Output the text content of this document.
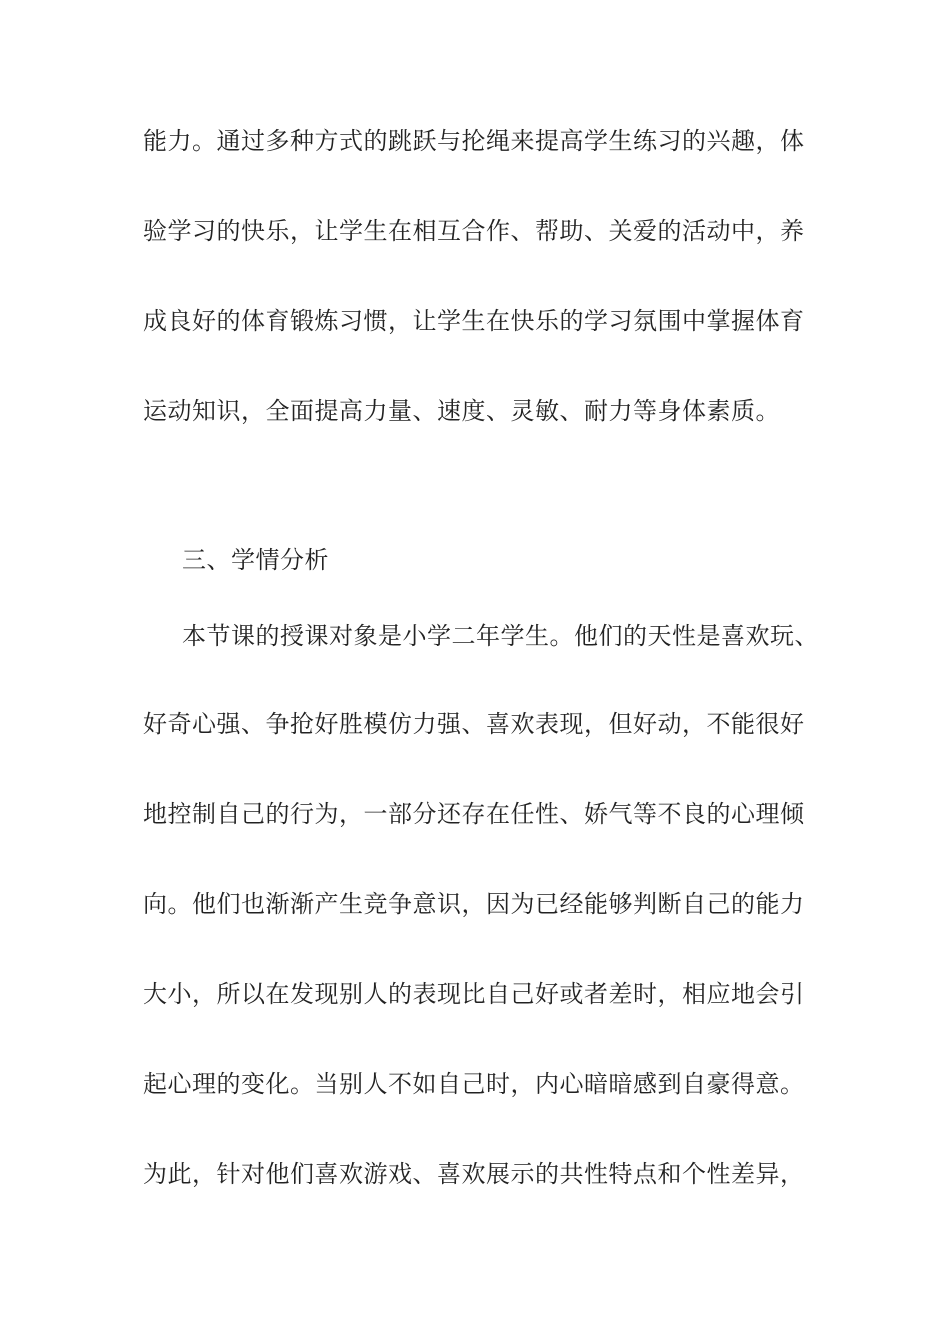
能力。通过多种方式的跳跃与抡绳来提高学生练习的兴趣，体
验学习的快乐，让学生在相互合作、帮助、关爱的活动中，养
成良好的体育锻炼习惯，让学生在快乐的学习氛围中掌握体育
运动知识，全面提高力量、速度、灵敏、耐力等身体素质。
三、学情分析
本节课的授课对象是小学二年学生。他们的天性是喜欢玩、
好奇心强、争抢好胜模仿力强、喜欢表现，但好动，不能很好
地控制自己的行为，一部分还存在任性、娇气等不良的心理倾
向。他们也渐渐产生竞争意识，因为已经能够判断自己的能力
大小，所以在发现别人的表现比自己好或者差时，相应地会引
起心理的变化。当别人不如自己时，内心暗暗感到自豪得意。
为此，针对他们喜欢游戏、喜欢展示的共性特点和个性差异，
